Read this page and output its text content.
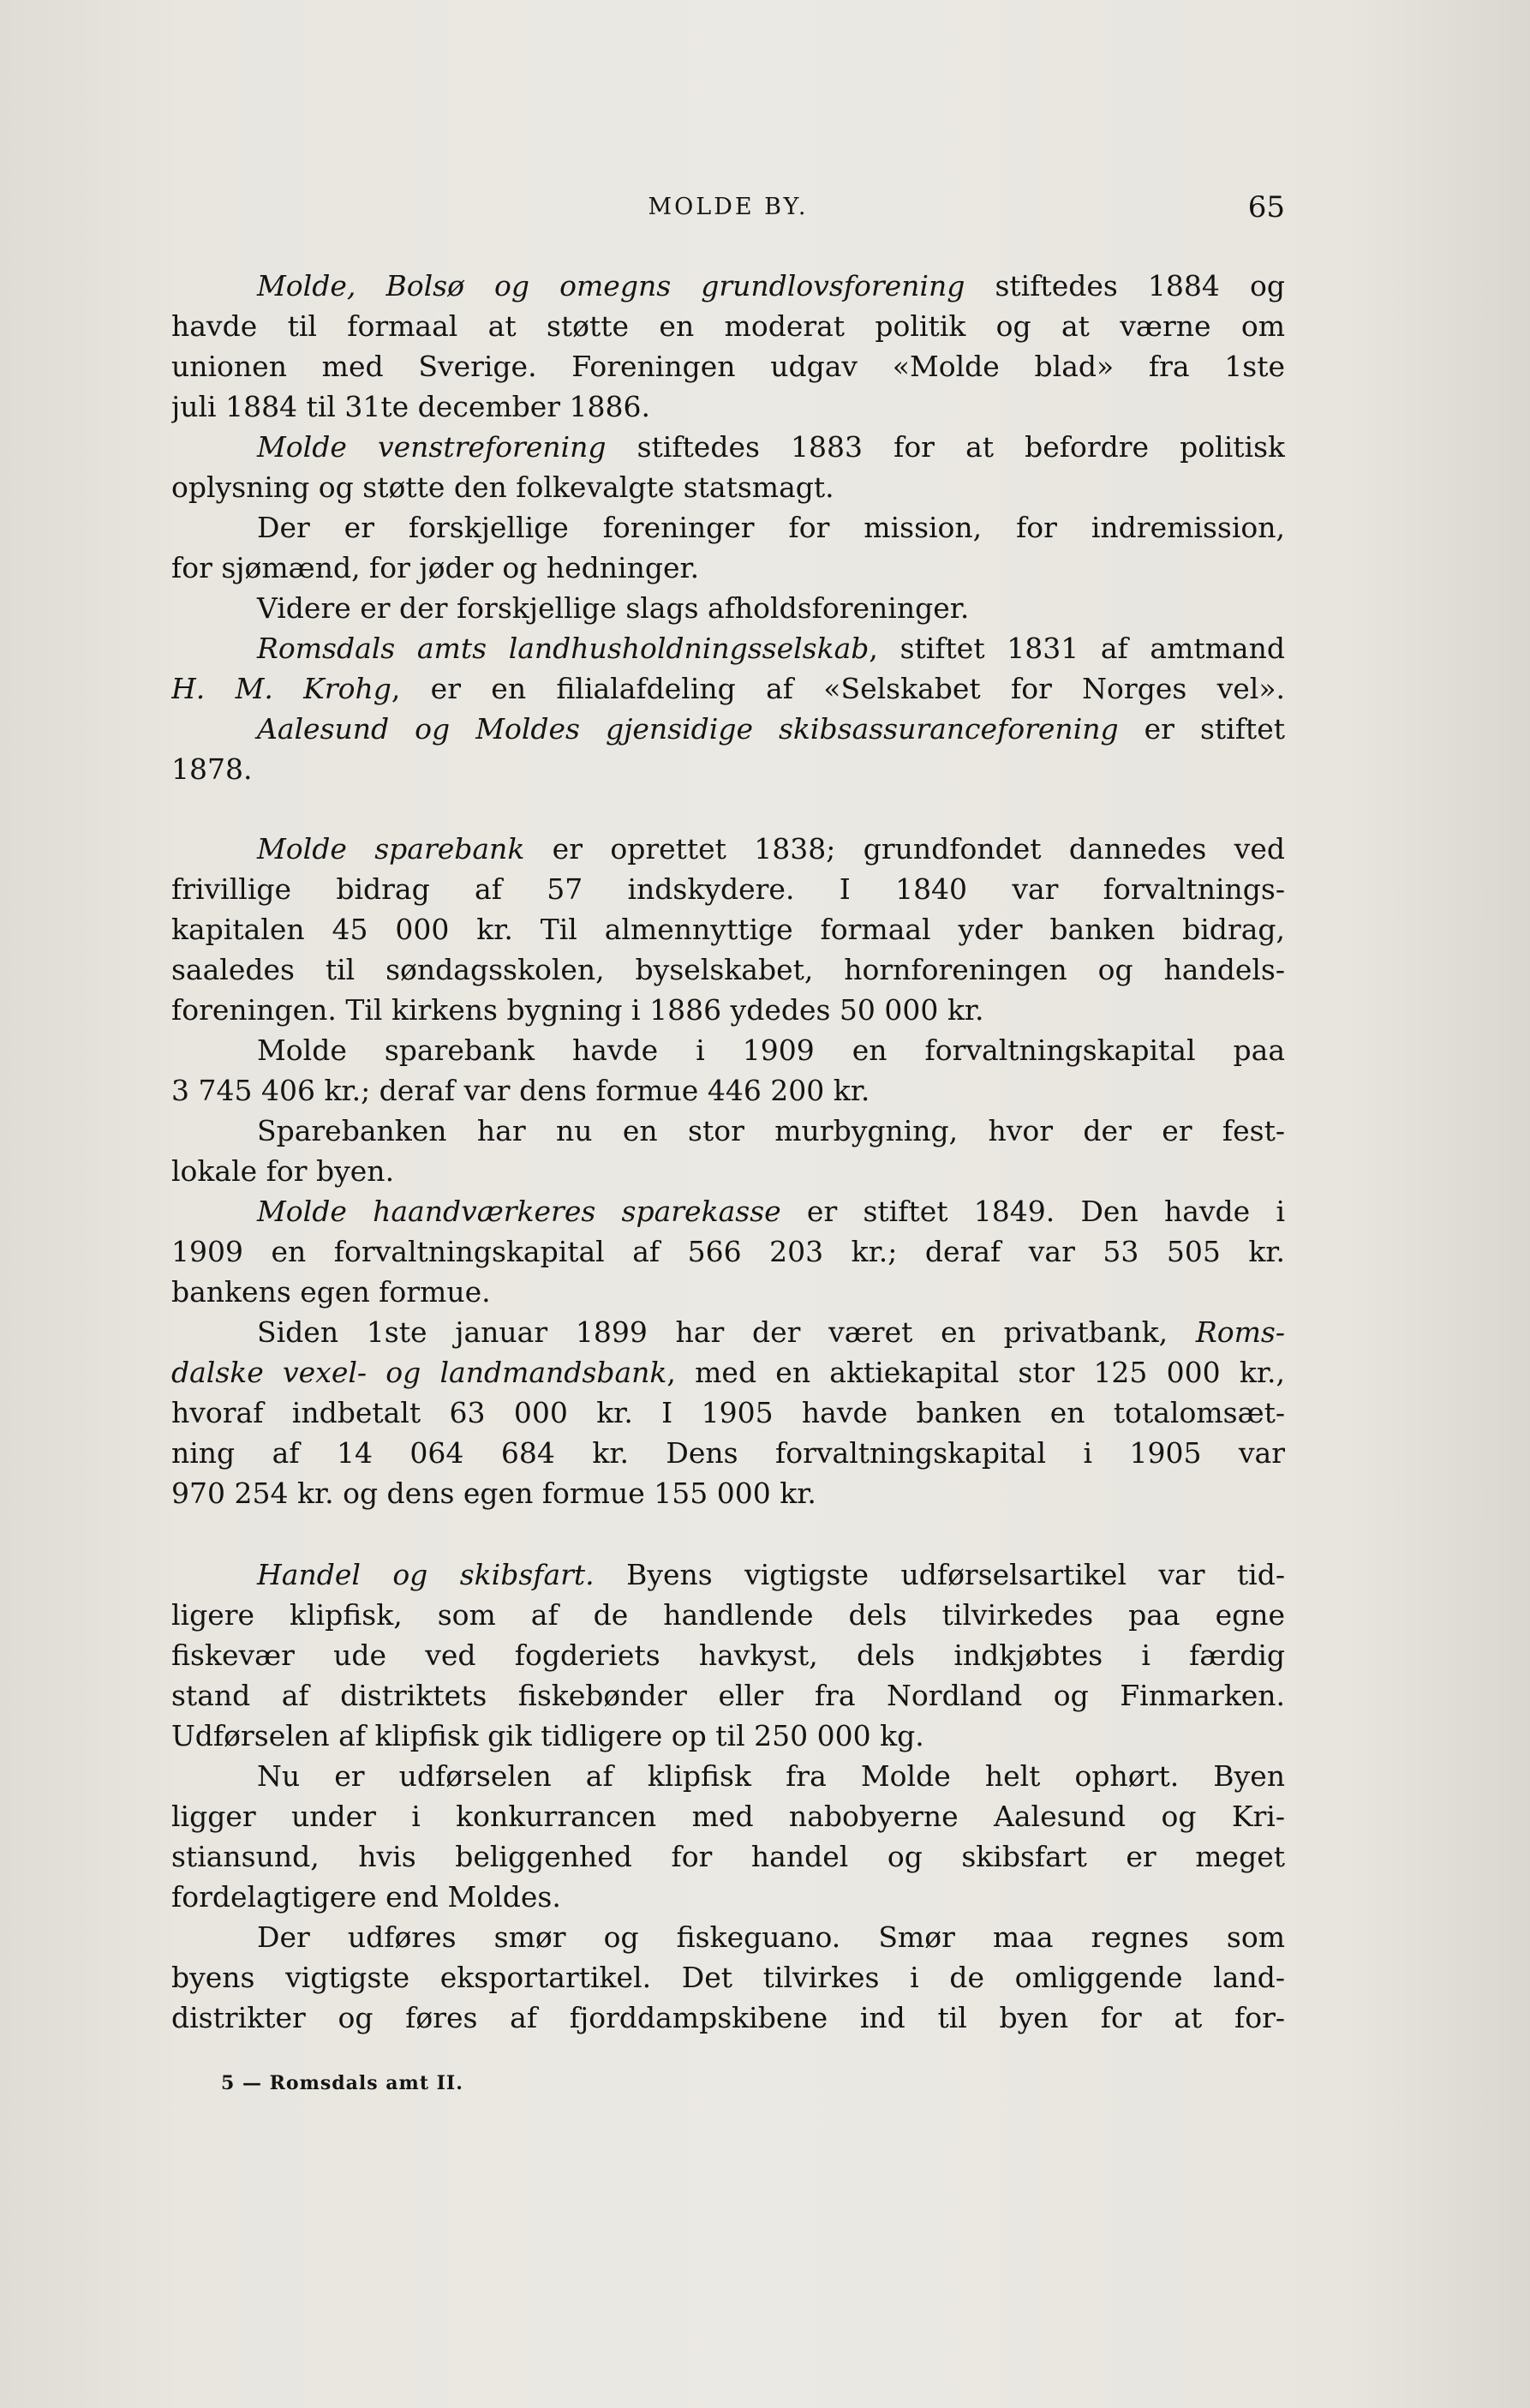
MOLDE BY.	65
Molde, Bolsø og omegns grundlovsforening stiftedes 1884 og
havde til formaal at støtte en moderat politik og at værne om
unionen med Sverige. Foreningen udgav «Molde blad» fra 1ste
juli 1884 til 31te december 1886.
Molde venstreforening stiftedes 1883 for at befordre politisk
oplysning og støtte den folkevalgte statsmagt.
Der er forskjellige foreninger for mission, for indremission,
for sjømænd, for jøder og hedninger.
Videre er der forskjellige slags afholdsforeninger.
Romsdals amts landhusholdningsselskab, stiftet 1831 af amtmand
H. M. Krohg, er en filialafdeling af «Selskabet for Norges vel».
Aalesund og Moldes gjensidige skibsassuranceforening er stiftet
1878.
Molde sparebank er oprettet 1838; grundfondet dannedes ved
frivillige bidrag af 57 indskydere. I 1840 var forvaltnings-
kapitalen 45 000 kr. Til almennyttige formaal yder banken bidrag,
saaledes til søndagsskolen, byselskabet, hornforeningen og handels-
foreningen. Til kirkens bygning i 1886 ydedes 50 000 kr.
Molde sparebank havde i 1909 en forvaltningskapital paa
3 745 406 kr.; deraf var dens formue 446 200 kr.
Sparebanken har nu en stor murbygning, hvor der er fest-
lokale for byen.
Molde haandværkeres sparekasse er stiftet 1849. Den havde i
1909 en forvaltningskapital af 566 203 kr.; deraf var 53 505 kr.
bankens egen formue.
Siden 1ste januar 1899 har der været en privatbank, Roms-
dalske vexel- og landmandsbank, med en aktiekapital stor 125 000 kr.,
hvoraf indbetalt 63 000 kr. I 1905 havde banken en totalomsæt-
ning af 14 064 684 kr. Dens forvaltningskapital i 1905 var
970 254 kr. og dens egen formue 155 000 kr.
Handel og skibsfart. Byens vigtigste udførselsartikel var tid-
ligere klipfisk, som af de handlende dels tilvirkedes paa egne
fiskevær ude ved fogderiets havkyst, dels indkjøbtes i færdig
stand af distriktets fiskebønder eller fra Nordland og Finmarken.
Udførselen af klipfisk gik tidligere op til 250 000 kg.
Nu er udførselen af klipfisk fra Molde helt ophørt. Byen
ligger under i konkurrancen med nabobyerne Aalesund og Kri-
stiansund, hvis beliggenhed for handel og skibsfart er meget
fordelagtigere end Moldes.
Der udføres smør og fiskeguano. Smør maa regnes som
byens vigtigste eksportartikel. Det tilvirkes i de omliggende land-
distrikter og føres af fjorddampskibene ind til byen for at for-
5 — Romsdals amt II.
